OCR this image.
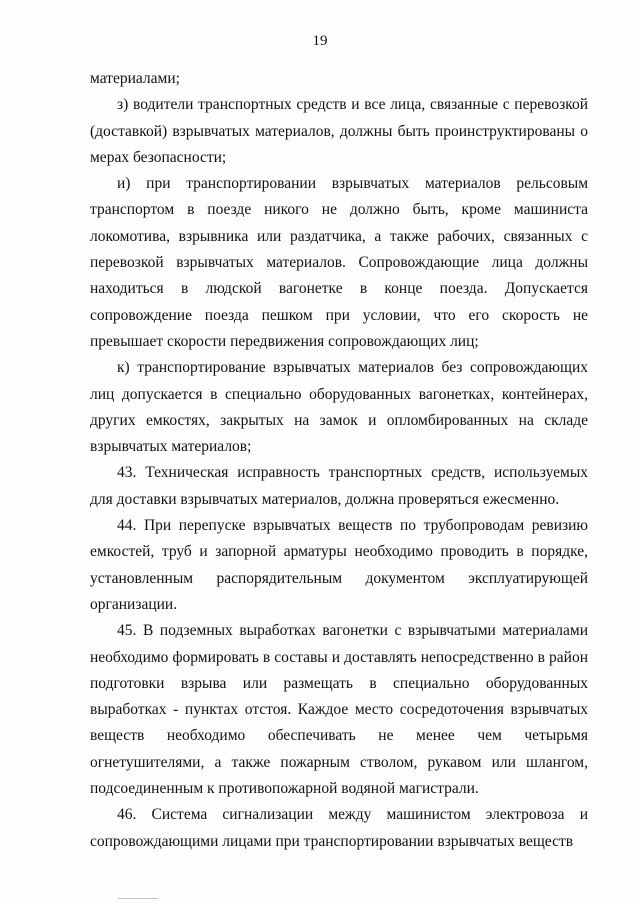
19

материалами;

з) водители транспортных средств и все лица, связанные с перевозкой (доставкой) взрывчатых материалов, должны быть проинструктированы о мерах безопасности;

и) при транспортировании взрывчатых материалов рельсовым транспортом в поезде никого не должно быть, кроме машиниста локомотива, взрывника или раздатчика, а также рабочих, связанных с перевозкой взрывчатых материалов. Сопровождающие лица должны находиться в людской вагонетке в конце поезда. Допускается сопровождение поезда пешком при условии, что его скорость не превышает скорости передвижения сопровождающих лиц;

к) транспортирование взрывчатых материалов без сопровождающих лиц допускается в специально оборудованных вагонетках, контейнерах, других емкостях, закрытых на замок и опломбированных на складе взрывчатых материалов;

43. Техническая исправность транспортных средств, используемых для доставки взрывчатых материалов, должна проверяться ежесменно.

44. При перепуске взрывчатых веществ по трубопроводам ревизию емкостей, труб и запорной арматуры необходимо проводить в порядке, установленным распорядительным документом эксплуатирующей организации.

45. В подземных выработках вагонетки с взрывчатыми материалами необходимо формировать в составы и доставлять непосредственно в район подготовки взрыва или размещать в специально оборудованных выработках - пунктах отстоя. Каждое место сосредоточения взрывчатых веществ необходимо обеспечивать не менее чем четырьмя огнетушителями, а также пожарным стволом, рукавом или шлангом, подсоединенным к противопожарной водяной магистрали.

46. Система сигнализации между машинистом электровоза и сопровождающими лицами при транспортировании взрывчатых веществ
